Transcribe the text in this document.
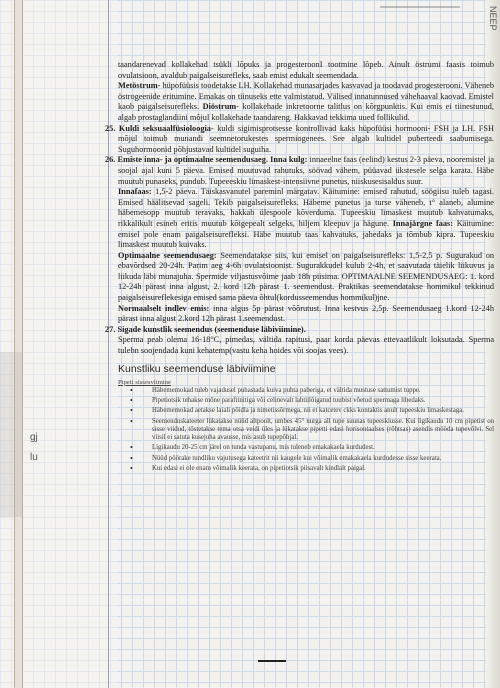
NEEP
gj
lu

taandarenevad kollakehad tsükli lõpuks ja progesteroonI tootmine lõpeb. Ainult östrumi faasis toimub ovulatsioon, avaldub paigalseisurefleks, saab emist edukalt seemendada.

Metöstrum- hüpofüüsis toodetakse LH. Kollakehad munasarjades kasvavad ja toodavad progesterooni. Väheneb östrogeenide eritumine. Emakas on tiinuseks ette valmistatud. Välised innatunnused vähehaaval kaovad. Emistel kaob paigalseisurefleks. Diöstrum- kollakehade inkretoorne talitlus on kõrgpunktis. Kui emis ei tiinestunud, algab prostaglandiini mõjul kollakehade taandareng. Hakkavad tekkima uued follikulid.

25. Kuldi seksuaalfüsioloogia- kuldi sigimisprotsesse kontrollivad kaks hüpofüüsi hormooni- FSH ja LH. FSH mõjul toimub munandi seemnetorukestes spermiogenees. See algab kultidel puberteedi saabumisega. Suguhormoonid põhjustavad kultidel suguiha.

26. Emiste inna- ja optimaalne seemendusaeg. Inna kulg: innaeelne faas (eelind) kestus 2-3 päeva, nooremistel ja soojal ajal kuni 5 päeva. Emised muutuvad rahutuks, söövad vähem, püüavad ükstesele selga karata. Häbe muutub punaseks, pundub. Tupeeeskiu limaskest-intensiivne punetus, niiskusesisaldus suur.

Innafaas: 1,5-2 päeva. Täiskasvanutel pareminl märgatav. Käitumine: emised rahutud, söögiisu tuleb tagasi. Emised häälitsevad sageli. Tekib paigalseisurefleks. Häbeme punetus ja turse väheneb, t° alaneb, alumine häbemesopp muutub teravaks, hakkab ülespoole kõverduma. Tupeeskiu limaskest muutub kahvatumaks, rikkalikult esineb eritis muutub kõigepealt selgeks, hiljem kleepuv ja hägune. Innajärgne faas: Käitumine: emisel pole enam paigalseisurefleksi. Häbe muutub taas kahvatuks, jahedaks ja tõmbub kipra. Tupeeskiu limaskest muutub kuivaks.

Optimaalne seemendusaeg: Seemendatakse siis, kui emisel on paigalseisurefleks: 1,5-2,5 p. Sugurakud on ebavõrdsed 20-24h. Parim aeg 4-6h ovulatsioonist. Sugurakkudel kulub 2-4h, et saavutada täielik liikuvus ja liikuda läbi munajuha. Spermide viljastusvõime jaab 18h piisima. OPTIMAALNE SEEMENDUSAEG: 1. kord 12-24h pärast inna algust, 2. kord 12h pärast 1. seemendust. Praktikas seemendatakse hommikul tekkinud paigalseisureflekesiga emised sama päeva õhtul(kordusseemendus hommikul)jne.

Normaalselt indlev emis: inna algus 5p pärast võõrutust. Inna kestvus 2,5p. Seemendusaeg 1.kord 12-24h pärast inna algust 2.kord 12h pärast 1.seemendust.

27. Sigade kunstlik seemendus (seemenduse läbiviimine).

Sperma peab olema 16-18°C, pimedas, vältida rapitusi, paar korda päevas ettevaatlikult loksutada. Sperma tulebn soojendada kuni kehatemp(vastu keha hoides või soojas vees).

Kunstliku seemenduse läbiviimine
Pipeti sissesviimine
• Häbememokad tuleb vajadusel puhastada kuiva puhta paberiga, et vältida mustuse sattumist tuppe.
• Pipetiotsik tehakse mõne parafiinitiga või celinevalt lahtiilõigatud tuubist võetud spermaga libedaks.
• Häbememokad aetakse laiali põidla ja nimetissõrmega, nii et katcetev ckks kontaktis anult tupeeskiu limaskestaga.
• Seemenduskateeter lükatakse nüüd altpoolt, umbes 45° nurga all tupe suunas tupeeskiusse. Kui ligikaudu 10 cm pipetist on sisse viidud, tõstetakse tema otsa veidi üles ja lükatakse pipetti edasi horisontaalses (rõhtsas) asendis mööda tupevõlvi. Sel viisil ei satuta kusejuha avausse, mis asub tupepõhjal.
• Ligikaudu 20-25 cm järel on tunda vastupanu, mis tuleneb emakakaela kurdudest.
• Nüüd pöörake tundliku vajutusega kateetrit nii kaugele kui võimalik emakakaela kurdudesse sisse keerata.
• Kui edasi ei ole enam võimalik keerata, on pipetiotsik piisavalt kindlalt paigal.
